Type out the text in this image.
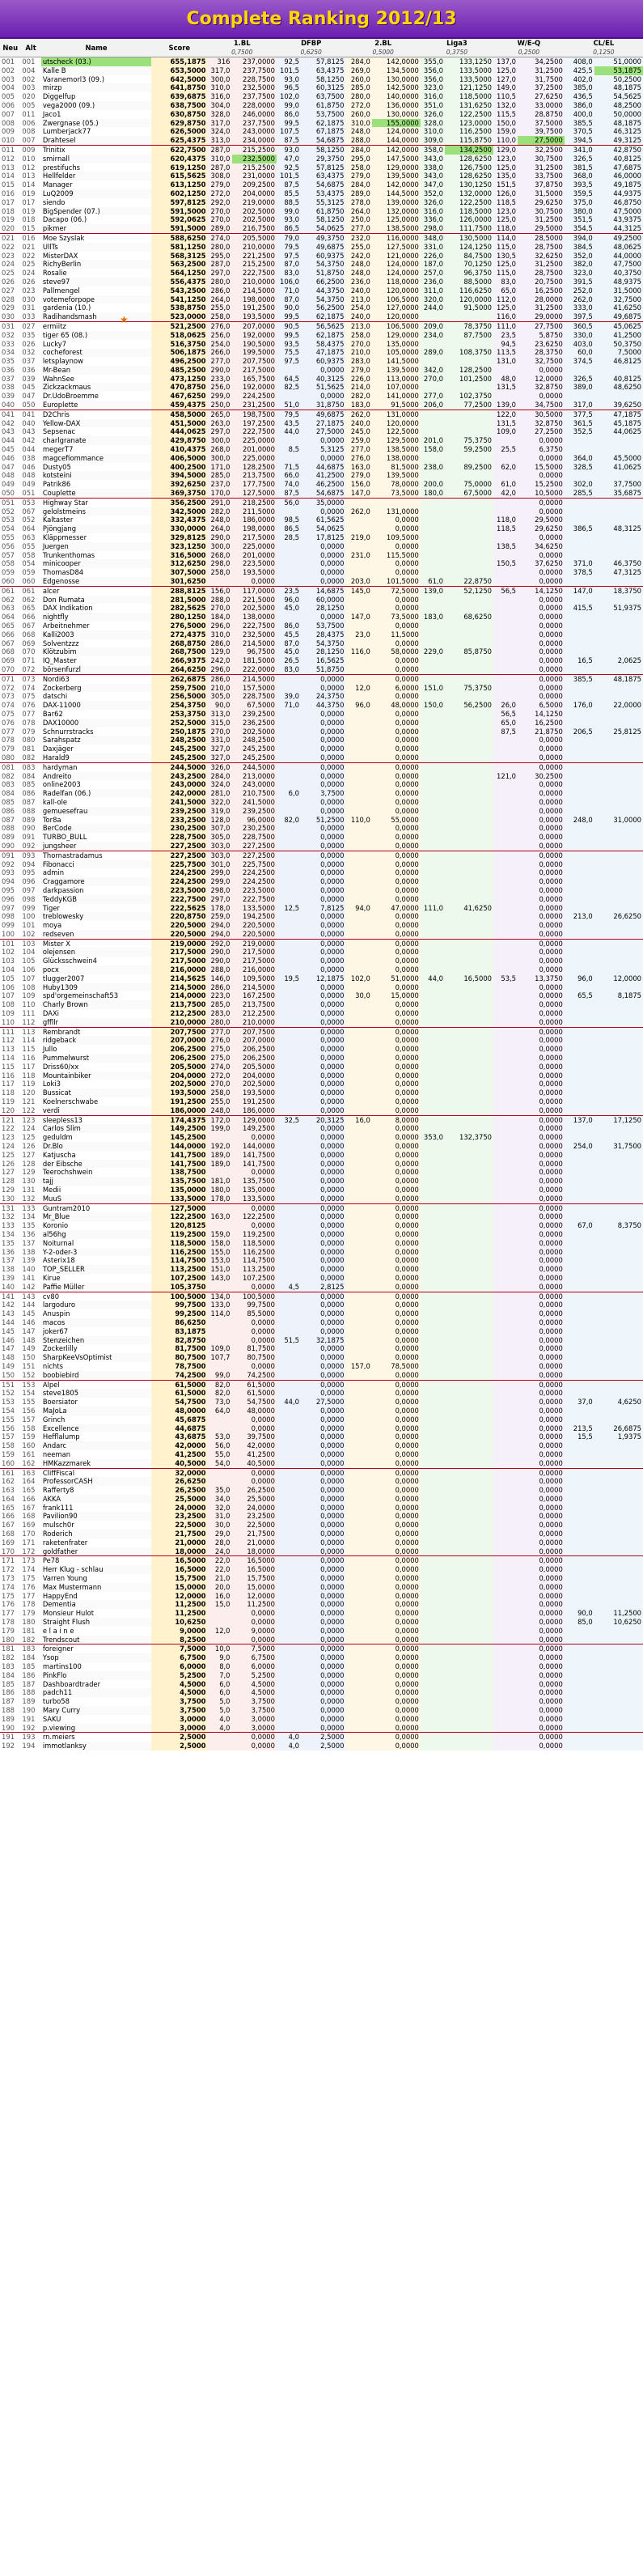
Complete Ranking 2012/13
★
Neu	Alt	Name	Score	1.BL
0,7500		DFBP
0,6250		2.BL
0,5000		Liga3
0,3750		W/E-Q
0,2500		CL/EL
0,1250	

001	001	utscheck (03.)	655,1875	316	237,0000	92,5	57,8125	284,0	142,0000	355,0	133,1250	137,0	34,2500	408,0	51,0000
002	004	Kalle B	653,5000	317,0	237,7500	101,5	63,4375	269,0	134,5000	356,0	133,5000	125,0	31,2500	425,5	53,1875
003	002	Varanemorl3 (09.)	642,5000	300,0	228,7500	93,0	58,1250	260,0	130,0000	356,0	133,5000	127,0	31,7500	402,0	50,2500
004	003	mirzp	641,8750	310,0	232,5000	96,5	60,3125	285,0	142,5000	323,0	121,1250	149,0	37,2500	385,0	48,1875
005	020	Diggelfup	639,6875	316,0	237,7500	102,0	63,7500	280,0	140,0000	316,0	118,5000	110,5	27,6250	436,5	54,5625
006	005	vega2000 (09.)	638,7500	304,0	228,0000	99,0	61,8750	272,0	136,0000	351,0	131,6250	132,0	33,0000	386,0	48,2500
007	011	Jaco1	630,8750	328,0	246,0000	86,0	53,7500	260,0	130,0000	326,0	122,2500	115,5	28,8750	400,0	50,0000
008	006	Zwergnase (05.)	629,8750	317,0	237,7500	99,5	62,1875	310,0	155,0000	328,0	123,0000	150,0	37,5000	385,5	48,1875
009	008	Lumberjack77	626,5000	324,0	243,0000	107,5	67,1875	248,0	124,0000	310,0	116,2500	159,0	39,7500	370,5	46,3125
010	007	Drahtesel	625,4375	313,0	234,0000	87,5	54,6875	288,0	144,0000	309,0	115,8750	110,0	27,5000	394,5	49,3125
011	009	Trinitix	622,7500	287,0	215,2500	93,0	58,1250	284,0	142,0000	358,0	134,2500	129,0	32,2500	341,0	42,8750
012	010	smirnall	620,4375	310,0	232,5000	47,0	29,3750	295,0	147,5000	343,0	128,6250	123,0	30,7500	326,5	40,8125
013	012	prestifuchs	619,1250	287,0	215,2500	92,5	57,8125	258,0	129,0000	338,0	126,7500	125,0	31,2500	381,5	47,6875
014	013	Hellfelder	615,5625	308,0	231,0000	101,5	63,4375	279,0	139,5000	343,0	128,6250	135,0	33,7500	368,0	46,0000
015	014	Manager	613,1250	279,0	209,2500	87,5	54,6875	284,0	142,0000	347,0	130,1250	151,5	37,8750	393,5	49,1875
016	019	LuQ2009	602,1250	272,0	204,0000	85,5	53,4375	289,0	144,5000	352,0	132,0000	126,0	31,5000	359,5	44,9375
017	017	siendo	597,8125	292,0	219,0000	88,5	55,3125	278,0	139,0000	326,0	122,2500	118,5	29,6250	375,0	46,8750
018	019	BigSpender (07.)	591,5000	270,0	202,5000	99,0	61,8750	264,0	132,0000	316,0	118,5000	123,0	30,7500	380,0	47,5000
019	018	Dacapo (06.)	592,0625	270,0	202,5000	93,0	58,1250	250,0	125,0000	336,0	126,0000	125,0	31,2500	351,5	43,9375
020	015	pikmer	591,5000	289,0	216,7500	86,5	54,0625	277,0	138,5000	298,0	111,7500	118,0	29,5000	354,5	44,3125
021	016	Moe Szyslak	588,6250	274,0	205,5000	79,0	49,3750	232,0	116,0000	348,0	130,5000	114,0	28,5000	394,0	49,2500
022	021	UllTs	581,1250	280,0	210,0000	79,5	49,6875	255,0	127,5000	331,0	124,1250	115,0	28,7500	384,5	48,0625
023	022	MisterDAX	568,3125	295,0	221,2500	97,5	60,9375	242,0	121,0000	226,0	84,7500	130,5	32,6250	352,0	44,0000
024	025	RichyBerlin	563,2500	287,0	215,2500	87,0	54,3750	248,0	124,0000	187,0	70,1250	125,0	31,2500	382,0	47,7500
025	024	Rosalie	564,1250	297,0	222,7500	83,0	51,8750	248,0	124,0000	257,0	96,3750	115,0	28,7500	323,0	40,3750
026	026	steve97	556,4375	280,0	210,0000	106,0	66,2500	236,0	118,0000	236,0	88,5000	83,0	20,7500	391,5	48,9375
027	023	Pallmengel	543,2500	286,0	214,5000	71,0	44,3750	240,0	120,0000	311,0	116,6250	65,0	16,2500	252,0	31,5000
028	030	votemeforpope	541,1250	264,0	198,0000	87,0	54,3750	213,0	106,5000	320,0	120,0000	112,0	28,0000	262,0	32,7500
029	031	gardenia (10.)	538,8750	255,0	191,2500	90,0	56,2500	254,0	127,0000	244,0	91,5000	125,0	31,2500	333,0	41,6250
030	033	Radihandsmash	523,0000	258,0	193,5000	99,5	62,1875	240,0	120,0000			116,0	29,0000	397,5	49,6875
031	027	ermiitz	521,2500	276,0	207,0000	90,5	56,5625	213,0	106,5000	209,0	78,3750	111,0	27,7500	360,5	45,0625
032	035	tiger 65 (08.)	518,0625	256,0	192,0000	99,5	62,1875	258,0	129,0000	234,0	87,7500	23,5	5,8750	330,0	41,2500
033	026	Lucky7	516,3750	254,0	190,5000	93,5	58,4375	270,0	135,0000			94,5	23,6250	403,0	50,3750
034	032	cocheforest	506,1875	266,0	199,5000	75,5	47,1875	210,0	105,0000	289,0	108,3750	113,5	28,3750	60,0	7,5000
035	037	letsplaynow	496,2500	277,0	207,7500	97,5	60,9375	283,0	141,5000			131,0	32,7500	374,5	46,8125
036	036	Mr-Bean	485,2500	290,0	217,5000		0,0000	279,0	139,5000	342,0	128,2500		0,0000		
037	039	WahnSee	473,1250	233,0	165,7500	64,5	40,3125	226,0	113,0000	270,0	101,2500	48,0	12,0000	326,5	40,8125
038	045	Zickzackmaus	470,8750	256,0	192,0000	82,5	51,5625	214,0	107,0000			131,5	32,8750	389,0	48,6250
039	047	Dr.UdoBroemme	467,6250	299,0	224,2500		0,0000	282,0	141,0000	277,0	102,3750		0,0000		
040	050	Europlette	459,4375	250,0	231,2500	51,0	31,8750	183,0	91,5000	206,0	77,2500	139,0	34,7500	317,0	39,6250
041	041	D2Chris	458,5000	265,0	198,7500	79,5	49,6875	262,0	131,0000			122,0	30,5000	377,5	47,1875
042	040	Yellow-DAX	451,5000	263,0	197,2500	43,5	27,1875	240,0	120,0000			131,5	32,8750	361,5	45,1875
043	043	Sepsenac	444,0625	297,0	222,7500	44,0	27,5000	245,0	122,5000			109,0	27,2500	352,5	44,0625
044	042	charlgranate	429,8750	300,0	225,0000		0,0000	259,0	129,5000	201,0	75,3750		0,0000		
045	044	megerT7	410,4375	268,0	201,0000	8,5	5,3125	277,0	138,5000	158,0	59,2500	25,5	6,3750		
046	038	magcefiommance	406,5000	300,0	225,0000		0,0000	276,0	138,0000				0,0000	364,0	45,5000
047	046	Dusty05	400,2500	171,0	128,2500	71,5	44,6875	163,0	81,5000	238,0	89,2500	62,0	15,5000	328,5	41,0625
048	048	kotsteini	394,5000	285,0	213,7500	66,0	41,2500	279,0	139,5000				0,0000		
049	049	Patrik86	392,6250	237,0	177,7500	74,0	46,2500	156,0	78,0000	200,0	75,0000	61,0	15,2500	302,0	37,7500
050	051	Couplette	369,3750	170,0	127,5000	87,5	54,6875	147,0	73,5000	180,0	67,5000	42,0	10,5000	285,5	35,6875
051	053	Highway Star	356,2500	291,0	218,2500	56,0	35,0000						0,0000		
052	067	gelolstmeins	342,5000	282,0	211,5000		0,0000	262,0	131,0000				0,0000		
053	052	Kaltaster	332,4375	248,0	186,0000	98,5	61,5625		0,0000			118,0	29,5000		
054	064	Pjöngjang	330,0000	264,0	198,0000	86,5	54,0625		0,0000			118,5	29,6250	386,5	48,3125
055	063	Kläppmesser	329,8125	290,0	217,5000	28,5	17,8125	219,0	109,5000				0,0000		
056	055	Juergen	323,1250	300,0	225,0000		0,0000		0,0000			138,5	34,6250		
057	058	Trunkenthomas	316,5000	268,0	201,0000		0,0000	231,0	115,5000				0,0000		
058	054	minicooper	312,6250	298,0	223,5000		0,0000		0,0000			150,5	37,6250	371,0	46,3750
059	059	ThomasD84	307,5000	258,0	193,5000		0,0000		0,0000				0,0000	378,5	47,3125
060	060	Edgenosse	301,6250		0,0000		0,0000	203,0	101,5000	61,0	22,8750		0,0000		
061	061	alcer	288,8125	156,0	117,0000	23,5	14,6875	145,0	72,5000	139,0	52,1250	56,5	14,1250	147,0	18,3750
062	062	Don Rumata	281,5000	288,0	221,5000	96,0	60,0000		0,0000				0,0000		
063	065	DAX Indikation	282,5625	270,0	202,5000	45,0	28,1250		0,0000				0,0000	415,5	51,9375
064	066	nightfly	280,1250	184,0	138,0000		0,0000	147,0	73,5000	183,0	68,6250		0,0000		
065	067	Arbeitnehmer	276,5000	296,0	222,7500	86,0	53,7500		0,0000				0,0000		
066	068	Kalli2003	272,4375	310,0	232,5000	45,5	28,4375	23,0	11,5000				0,0000		
067	069	Solventzzz	268,8750	286,0	214,5000	87,0	54,3750		0,0000				0,0000		
068	070	Klötzubim	268,7500	129,0	96,7500	45,0	28,1250	116,0	58,0000	229,0	85,8750		0,0000		
069	071	IQ_Master	266,9375	242,0	181,5000	26,5	16,5625		0,0000				0,0000	16,5	2,0625
070	072	börsenfurzl	264,6250	296,0	222,0000	83,0	51,8750		0,0000				0,0000		
071	073	Nordi63	262,6875	286,0	214,5000		0,0000		0,0000				0,0000	385,5	48,1875
072	074	Zockerberg	259,7500	210,0	157,5000		0,0000	12,0	6,0000	151,0	75,3750		0,0000		
073	075	datschi	256,5000	305,0	228,7500	39,0	24,3750		0,0000				0,0000		
074	076	DAX-11000	254,3750	90,0	67,5000	71,0	44,3750	96,0	48,0000	150,0	56,2500	26,0	6,5000	176,0	22,0000
075	077	Bar62	253,3750	313,0	239,2500		0,0000		0,0000			56,5	14,1250		
076	078	DAX10000	252,5000	315,0	236,2500		0,0000		0,0000			65,0	16,2500		
077	079	Schnurrstracks	250,1875	270,0	202,5000		0,0000		0,0000			87,5	21,8750	206,5	25,8125
078	080	Sarahspatz	248,2500	331,0	248,2500		0,0000		0,0000				0,0000		
079	081	Daxjäger	245,2500	327,0	245,2500		0,0000		0,0000				0,0000		
080	082	Harald9	245,2500	327,0	245,2500		0,0000		0,0000				0,0000		
081	083	hardyman	244,5000	326,0	244,5000		0,0000		0,0000				0,0000		
082	084	Andreito	243,2500	284,0	213,0000		0,0000		0,0000			121,0	30,2500		
083	085	online2003	243,0000	324,0	243,0000		0,0000		0,0000				0,0000		
084	086	Radelfan (06.)	242,0000	281,0	210,7500	6,0	3,7500		0,0000				0,0000		
085	087	kall-ole	241,5000	322,0	241,5000		0,0000		0,0000				0,0000		
086	088	gemuesefrau	239,2500	319,0	239,2500		0,0000		0,0000				0,0000		
087	089	Tor8a	233,2500	128,0	96,0000	82,0	51,2500	110,0	55,0000				0,0000	248,0	31,0000
088	090	BerCode	230,2500	307,0	230,2500		0,0000		0,0000				0,0000		
089	091	TURBO_BULL	228,7500	305,0	228,7500		0,0000		0,0000				0,0000		
090	092	jungsheer	227,2500	303,0	227,2500		0,0000		0,0000				0,0000		
091	093	Thornastradamus	227,2500	303,0	227,2500		0,0000		0,0000				0,0000		
092	094	Fibonacci	225,7500	301,0	225,7500		0,0000		0,0000				0,0000		
093	095	admin	224,2500	299,0	224,2500		0,0000		0,0000				0,0000		
094	096	Craggamore	224,2500	299,0	224,2500		0,0000		0,0000				0,0000		
095	097	darkpassion	223,5000	298,0	223,5000		0,0000		0,0000				0,0000		
096	098	TeddyKGB	222,7500	297,0	222,7500		0,0000		0,0000				0,0000		
097	099	Tiger	222,5625	178,0	133,5000	12,5	7,8125	94,0	47,0000	111,0	41,6250		0,0000		
098	100	treblowesky	220,8750	259,0	194,2500		0,0000		0,0000				0,0000	213,0	26,6250
099	101	moya	220,5000	294,0	220,5000		0,0000		0,0000				0,0000		
100	102	redseven	220,5000	294,0	220,5000		0,0000		0,0000				0,0000		
101	103	Mister X	219,0000	292,0	219,0000		0,0000		0,0000				0,0000		
102	104	olejensen	217,5000	290,0	217,5000		0,0000		0,0000				0,0000		
103	105	Glücksschwein4	217,5000	290,0	217,5000		0,0000		0,0000				0,0000		
104	106	pocx	216,0000	288,0	216,0000		0,0000		0,0000				0,0000		
105	107	tlugger2007	214,5625	146,0	109,5000	19,5	12,1875	102,0	51,0000	44,0	16,5000	53,5	13,3750	96,0	12,0000
106	108	Huby1309	214,5000	286,0	214,5000		0,0000		0,0000				0,0000		
107	109	spd'orgemeinschaft53	214,0000	223,0	167,2500		0,0000	30,0	15,0000				0,0000	65,5	8,1875
108	110	Charly Brown	213,7500	285,0	213,7500		0,0000		0,0000				0,0000		
109	111	DAXi	212,2500	283,0	212,2500		0,0000		0,0000				0,0000		
110	112	gffllr	210,0000	280,0	210,0000		0,0000		0,0000				0,0000		
111	113	Rembrandt	207,7500	277,0	207,7500		0,0000		0,0000				0,0000		
112	114	ridgeback	207,0000	276,0	207,0000		0,0000		0,0000				0,0000		
113	115	Jullo	206,2500	275,0	206,2500		0,0000		0,0000				0,0000		
114	116	Pummelwurst	206,2500	275,0	206,2500		0,0000		0,0000				0,0000		
115	117	Driss60/xx	205,5000	274,0	205,5000		0,0000		0,0000				0,0000		
116	118	Mountainbiker	204,0000	272,0	204,0000		0,0000		0,0000				0,0000		
117	119	Loki3	202,5000	270,0	202,5000		0,0000		0,0000				0,0000		
118	120	Bussicat	193,5000	258,0	193,5000		0,0000		0,0000				0,0000		
119	121	Koelnerschwabe	191,2500	255,0	191,2500		0,0000		0,0000				0,0000		
120	122	verdi	186,0000	248,0	186,0000		0,0000		0,0000				0,0000		
121	123	sleepless13	174,4375	172,0	129,0000	32,5	20,3125	16,0	8,0000				0,0000	137,0	17,1250
122	124	Carlos Slim	149,2500	199,0	149,2500		0,0000		0,0000				0,0000		
123	125	geduldm	145,2500		0,0000		0,0000		0,0000	353,0	132,3750		0,0000		
124	126	Dr.Blo	144,0000	192,0	144,0000		0,0000		0,0000				0,0000	254,0	31,7500
125	127	Katjuscha	141,7500	189,0	141,7500		0,0000		0,0000				0,0000		
126	128	der Eibsche	141,7500	189,0	141,7500		0,0000		0,0000				0,0000		
127	129	Teerochshwein	138,7500		0,0000		0,0000		0,0000				0,0000		
128	130	tajj	135,7500	181,0	135,7500		0,0000		0,0000				0,0000		
129	131	Medii	135,0000	180,0	135,0000		0,0000		0,0000				0,0000		
130	132	MuuS	133,5000	178,0	133,5000		0,0000		0,0000				0,0000		
131	133	Guntram2010	127,5000		0,0000		0,0000		0,0000				0,0000		
132	134	Mr_Blue	122,2500	163,0	122,2500		0,0000		0,0000				0,0000		
133	135	Koronio	120,8125		0,0000		0,0000		0,0000				0,0000	67,0	8,3750
134	136	al56hg	119,2500	159,0	119,2500		0,0000		0,0000				0,0000		
135	137	Noiturnal	118,5000	158,0	118,5000		0,0000		0,0000				0,0000		
136	138	Y-2-oder-3	116,2500	155,0	116,2500		0,0000		0,0000				0,0000		
137	139	Asterix18	114,7500	153,0	114,7500		0,0000		0,0000				0,0000		
138	140	TOP_SELLER	113,2500	151,0	113,2500		0,0000		0,0000				0,0000		
139	141	Kirue	107,2500	143,0	107,2500		0,0000		0,0000				0,0000		
140	142	Paffie Müller	105,3750		0,0000	4,5	2,8125		0,0000				0,0000		
141	143	cv80	100,5000	134,0	100,5000		0,0000		0,0000				0,0000		
142	144	largoduro	99,7500	133,0	99,7500		0,0000		0,0000				0,0000		
143	145	Anuspin	99,2500	114,0	85,5000		0,0000		0,0000				0,0000		
144	146	macos	86,6250		0,0000		0,0000		0,0000				0,0000		
145	147	joker67	83,1875		0,0000		0,0000		0,0000				0,0000		
146	148	Stenzeichen	82,8750		0,0000	51,5	32,1875		0,0000				0,0000		
147	149	Zockerlilly	81,7500	109,0	81,7500		0,0000		0,0000				0,0000		
148	150	SharpKeeVsOptimist	80,7500	107,7	80,7500		0,0000		0,0000				0,0000		
149	151	nichts	78,7500		0,0000		0,0000	157,0	78,5000				0,0000		
150	152	boobiebird	74,2500	99,0	74,2500		0,0000		0,0000				0,0000		
151	153	Alpel	61,5000	82,0	61,5000		0,0000		0,0000				0,0000		
152	154	steve1805	61,5000	82,0	61,5000		0,0000		0,0000				0,0000		
153	155	Boersiator	54,7500	73,0	54,7500	44,0	27,5000		0,0000				0,0000	37,0	4,6250
154	156	MaJoLa	48,0000	64,0	48,0000		0,0000		0,0000				0,0000		
155	157	Grinch	45,6875		0,0000		0,0000		0,0000				0,0000		
156	158	Excellence	44,6875		0,0000		0,0000		0,0000				0,0000	213,5	26,6875
157	159	Hefflalump	43,6875	53,0	39,7500		0,0000		0,0000				0,0000	15,5	1,9375
158	160	Andarc	42,0000	56,0	42,0000		0,0000		0,0000				0,0000		
159	161	neeman	41,2500	55,0	41,2500		0,0000		0,0000				0,0000		
160	162	HMKazzmarek	40,5000	54,0	40,5000		0,0000		0,0000				0,0000		
161	163	CliffFiscal	32,0000		0,0000		0,0000		0,0000				0,0000		
162	164	ProfessorCASH	26,6250		0,0000		0,0000		0,0000				0,0000		
163	165	Rafferty8	26,2500	35,0	26,2500		0,0000		0,0000				0,0000		
164	166	AKKA	25,5000	34,0	25,5000		0,0000		0,0000				0,0000		
165	167	frank111	24,0000	32,0	24,0000		0,0000		0,0000				0,0000		
166	168	Pavilion90	23,2500	31,0	23,2500		0,0000		0,0000				0,0000		
167	169	mulsch0r	22,5000	30,0	22,5000		0,0000		0,0000				0,0000		
168	170	Roderich	21,7500	29,0	21,7500		0,0000		0,0000				0,0000		
169	171	raketenfrater	21,0000	28,0	21,0000		0,0000		0,0000				0,0000		
170	172	goldfather	18,0000	24,0	18,0000		0,0000		0,0000				0,0000		
171	173	Pe78	16,5000	22,0	16,5000		0,0000		0,0000				0,0000		
172	174	Herr Klug - schlau	16,5000	22,0	16,5000		0,0000		0,0000				0,0000		
173	175	Varren Young	15,7500	21,0	15,7500		0,0000		0,0000				0,0000		
174	176	Max Mustermann	15,0000	20,0	15,0000		0,0000		0,0000				0,0000		
175	177	HappyEnd	12,0000	16,0	12,0000		0,0000		0,0000				0,0000		
176	178	Dementia	11,2500	15,0	11,2500		0,0000		0,0000				0,0000		
177	179	Monsieur Hulot	11,2500		0,0000		0,0000		0,0000				0,0000	90,0	11,2500
178	180	Straight Flush	10,6250		0,0000		0,0000		0,0000				0,0000	85,0	10,6250
179	181	e l a i n e	9,0000	12,0	9,0000		0,0000		0,0000				0,0000		
180	182	Trendscout	8,2500		0,0000		0,0000		0,0000				0,0000		
181	183	foreigner	7,5000	10,0	7,5000		0,0000		0,0000				0,0000		
182	184	Ysop	6,7500	9,0	6,7500		0,0000		0,0000				0,0000		
183	185	martins100	6,0000	8,0	6,0000		0,0000		0,0000				0,0000		
184	186	PinkFlo	5,2500	7,0	5,2500		0,0000		0,0000				0,0000		
185	187	Dashboardtrader	4,5000	6,0	4,5000		0,0000		0,0000				0,0000		
186	188	padch11	4,5000	6,0	4,5000		0,0000		0,0000				0,0000		
187	189	turbo58	3,7500	5,0	3,7500		0,0000		0,0000				0,0000		
188	190	Mary Curry	3,7500	5,0	3,7500		0,0000		0,0000				0,0000		
189	191	SAKU	3,0000	4,0	3,0000		0,0000		0,0000				0,0000		
190	192	p.viewing	3,0000	4,0	3,0000		0,0000		0,0000				0,0000		
191	193	rn.meiers	2,5000		0,0000	4,0	2,5000		0,0000				0,0000		
192	194	immotlanksy	2,5000		0,0000	4,0	2,5000		0,0000				0,0000		
